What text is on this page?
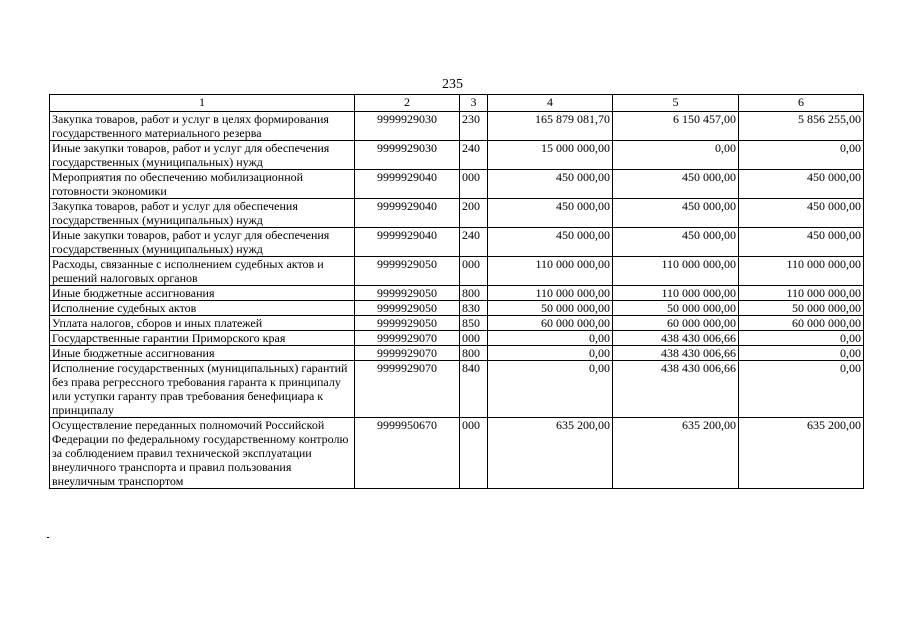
235
1	2	3	4	5	6
Закупка товаров, работ и услуг в целях формирования государственного материального резерва	9999929030	230	165 879 081,70	6 150 457,00	5 856 255,00
Иные закупки товаров, работ и услуг для обеспечения государственных (муниципальных) нужд	9999929030	240	15 000 000,00	0,00	0,00
Мероприятия по обеспечению мобилизационной готовности экономики	9999929040	000	450 000,00	450 000,00	450 000,00
Закупка товаров, работ и услуг для обеспечения государственных (муниципальных) нужд	9999929040	200	450 000,00	450 000,00	450 000,00
Иные закупки товаров, работ и услуг для обеспечения государственных (муниципальных) нужд	9999929040	240	450 000,00	450 000,00	450 000,00
Расходы, связанные с исполнением судебных актов и решений налоговых органов	9999929050	000	110 000 000,00	110 000 000,00	110 000 000,00
Иные бюджетные ассигнования	9999929050	800	110 000 000,00	110 000 000,00	110 000 000,00
Исполнение судебных актов	9999929050	830	50 000 000,00	50 000 000,00	50 000 000,00
Уплата налогов, сборов и иных платежей	9999929050	850	60 000 000,00	60 000 000,00	60 000 000,00
Государственные гарантии Приморского края	9999929070	000	0,00	438 430 006,66	0,00
Иные бюджетные ассигнования	9999929070	800	0,00	438 430 006,66	0,00
Исполнение государственных (муниципальных) гарантий без права регрессного требования гаранта к принципалу или уступки гаранту прав требования бенефициара к принципалу	9999929070	840	0,00	438 430 006,66	0,00
Осуществление переданных полномочий Российской Федерации по федеральному государственному контролю за соблюдением правил технической эксплуатации внеуличного транспорта и правил пользования внеуличным транспортом	9999950670	000	635 200,00	635 200,00	635 200,00
